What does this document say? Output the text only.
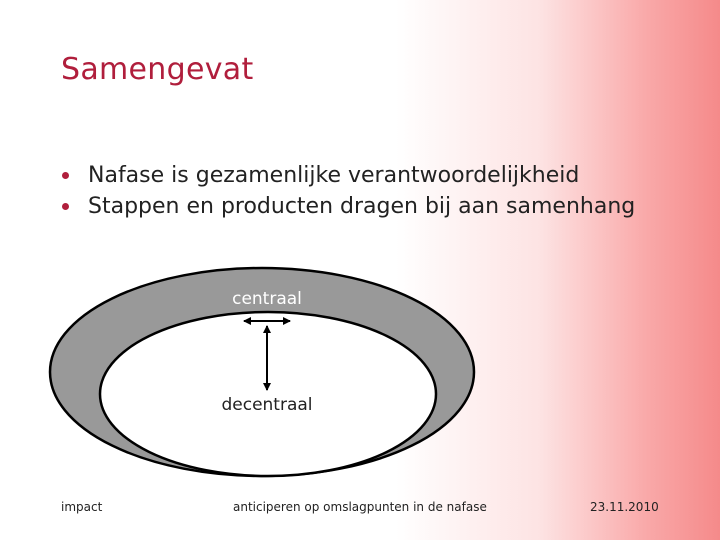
Samengevat
Nafase is gezamenlijke verantwoordelijkheid
Stappen en producten dragen bij aan samenhang
centraal
decentraal
impact	anticiperen op omslagpunten in de nafase	23.11.2010
